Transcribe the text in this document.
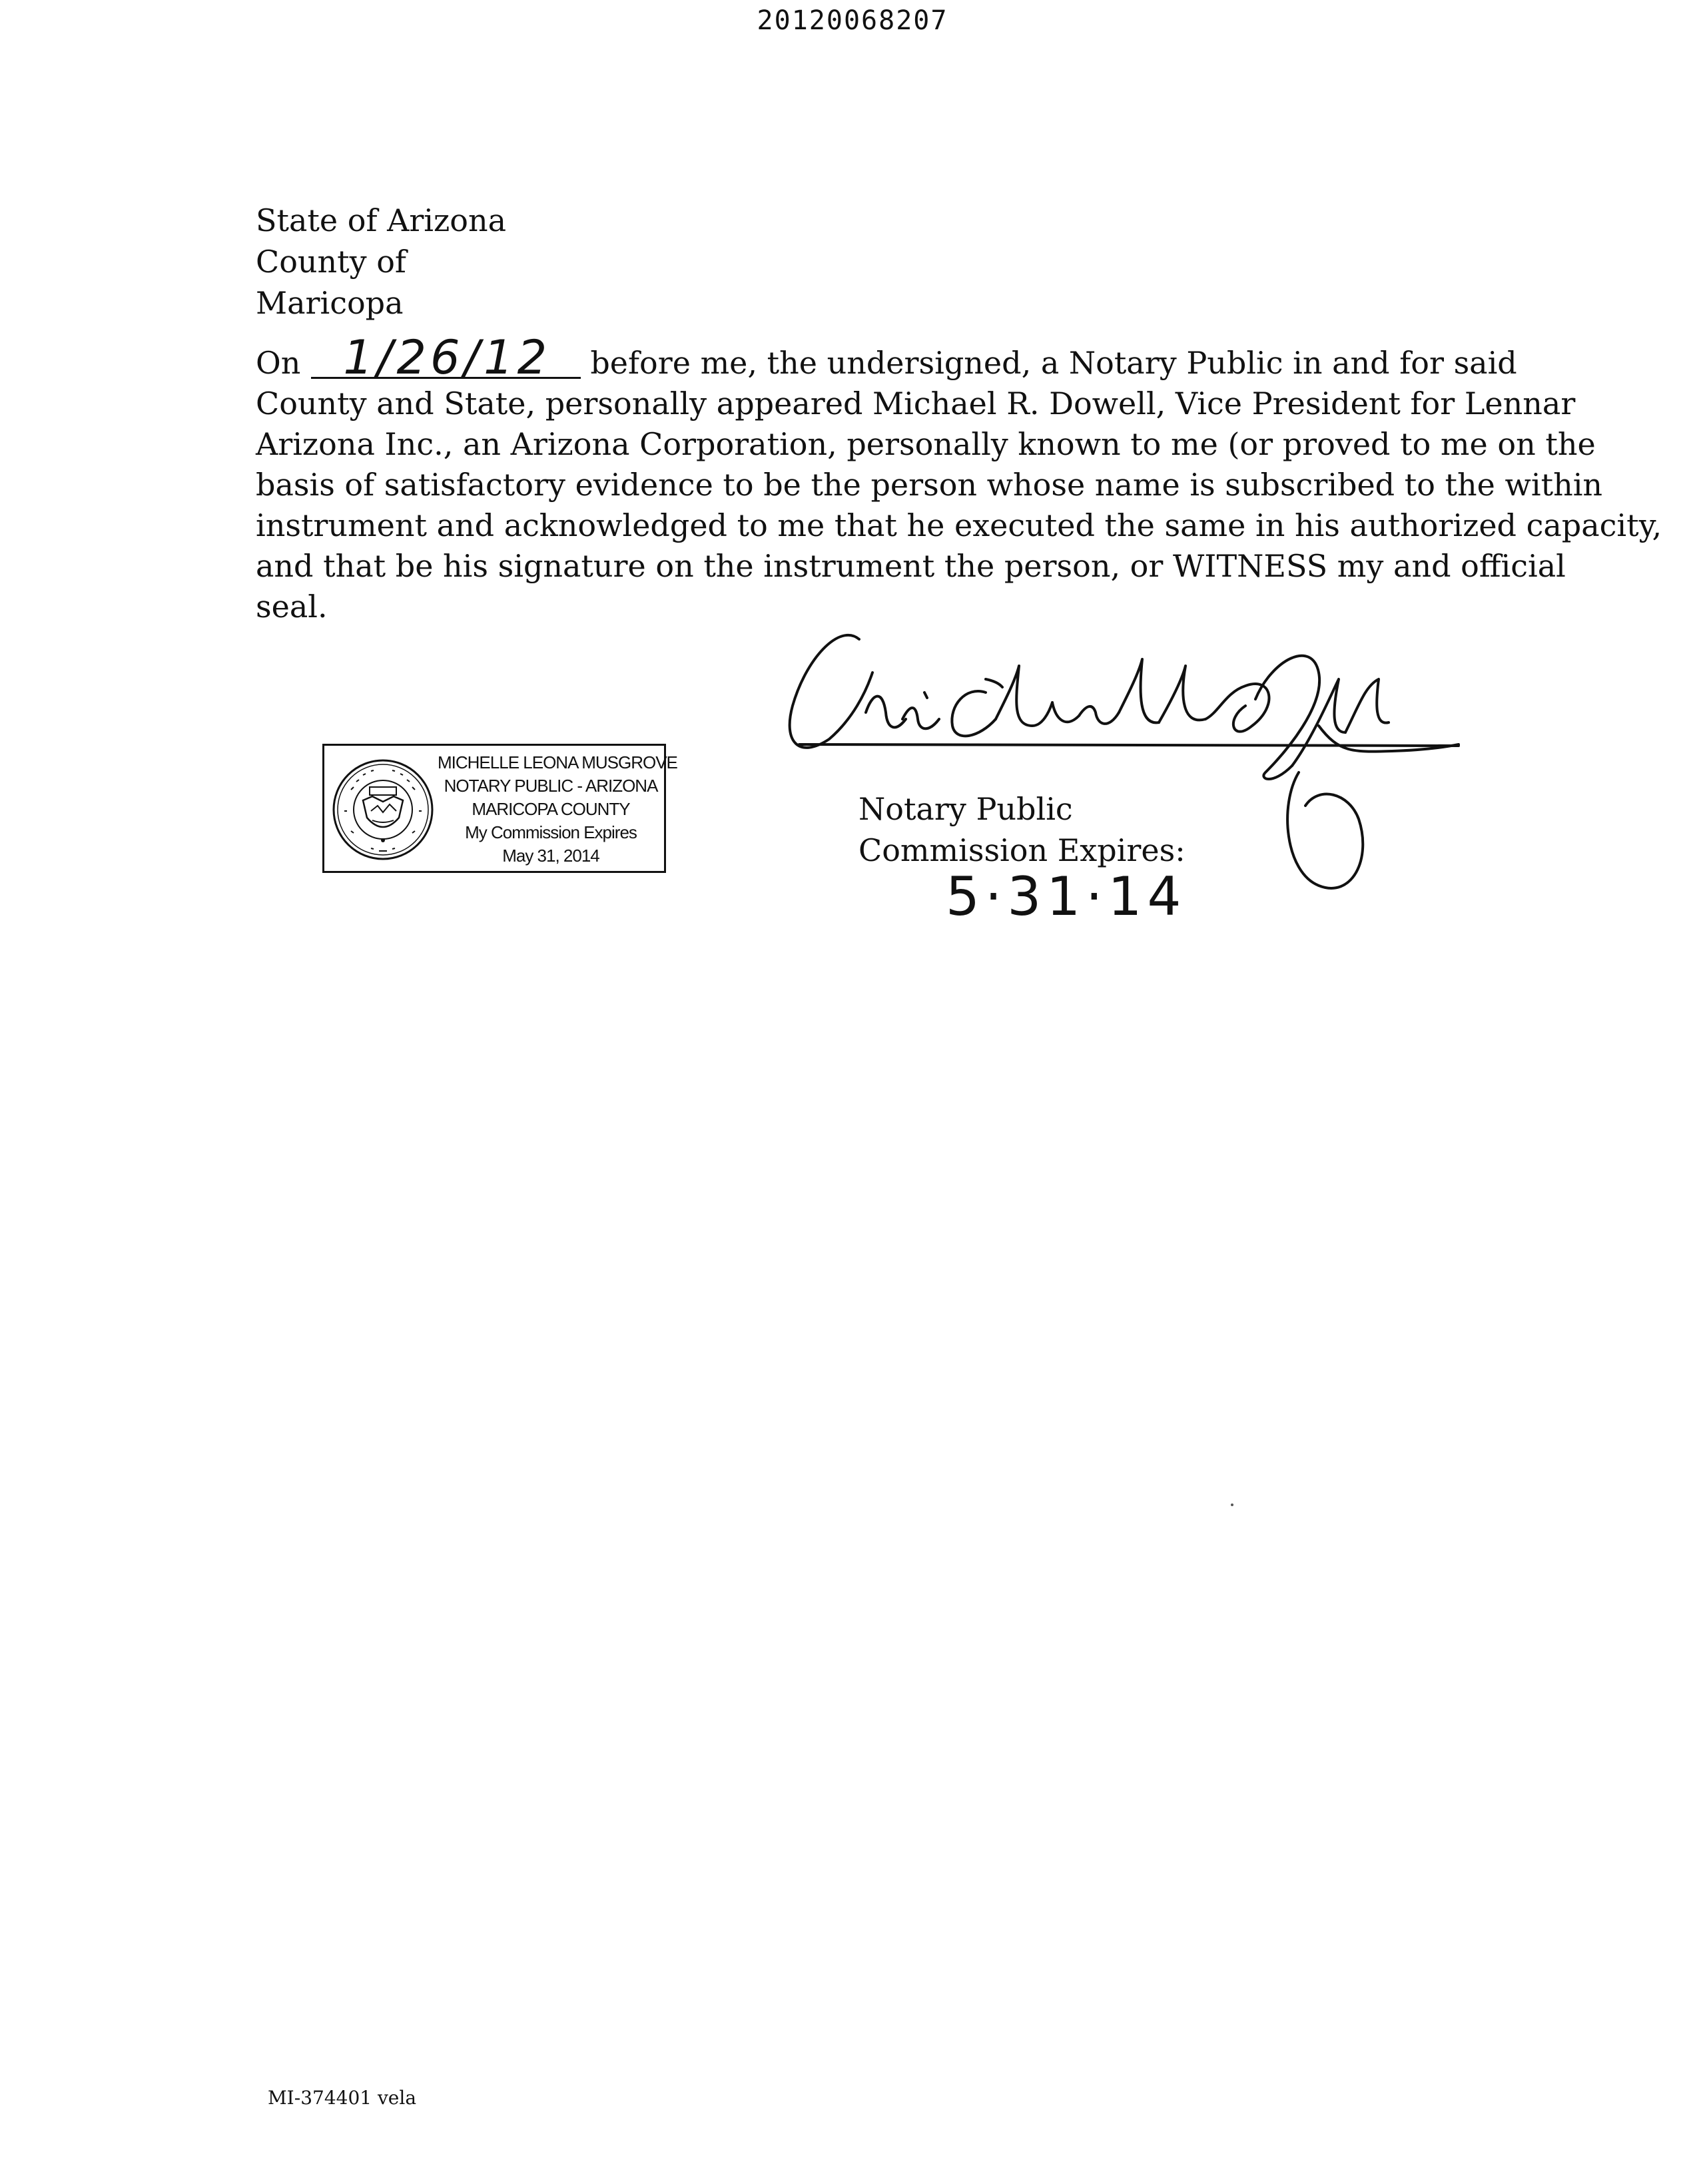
20120068207
State of Arizona
County of
Maricopa
On 1/26/12 before me, the undersigned, a Notary Public in and for said
County and State, personally appeared Michael R. Dowell, Vice President for Lennar
Arizona Inc., an Arizona Corporation, personally known to me (or proved to me on the
basis of satisfactory evidence to be the person whose name is subscribed to the within
instrument and acknowledged to me that he executed the same in his authorized capacity,
and that be his signature on the instrument the person, or WITNESS my and official
seal.
MICHELLE LEONA MUSGROVE
NOTARY PUBLIC - ARIZONA
MARICOPA COUNTY
My Commission Expires
May 31, 2014
Notary Public
Commission Expires:
5·31·14
MI-374401 vela
